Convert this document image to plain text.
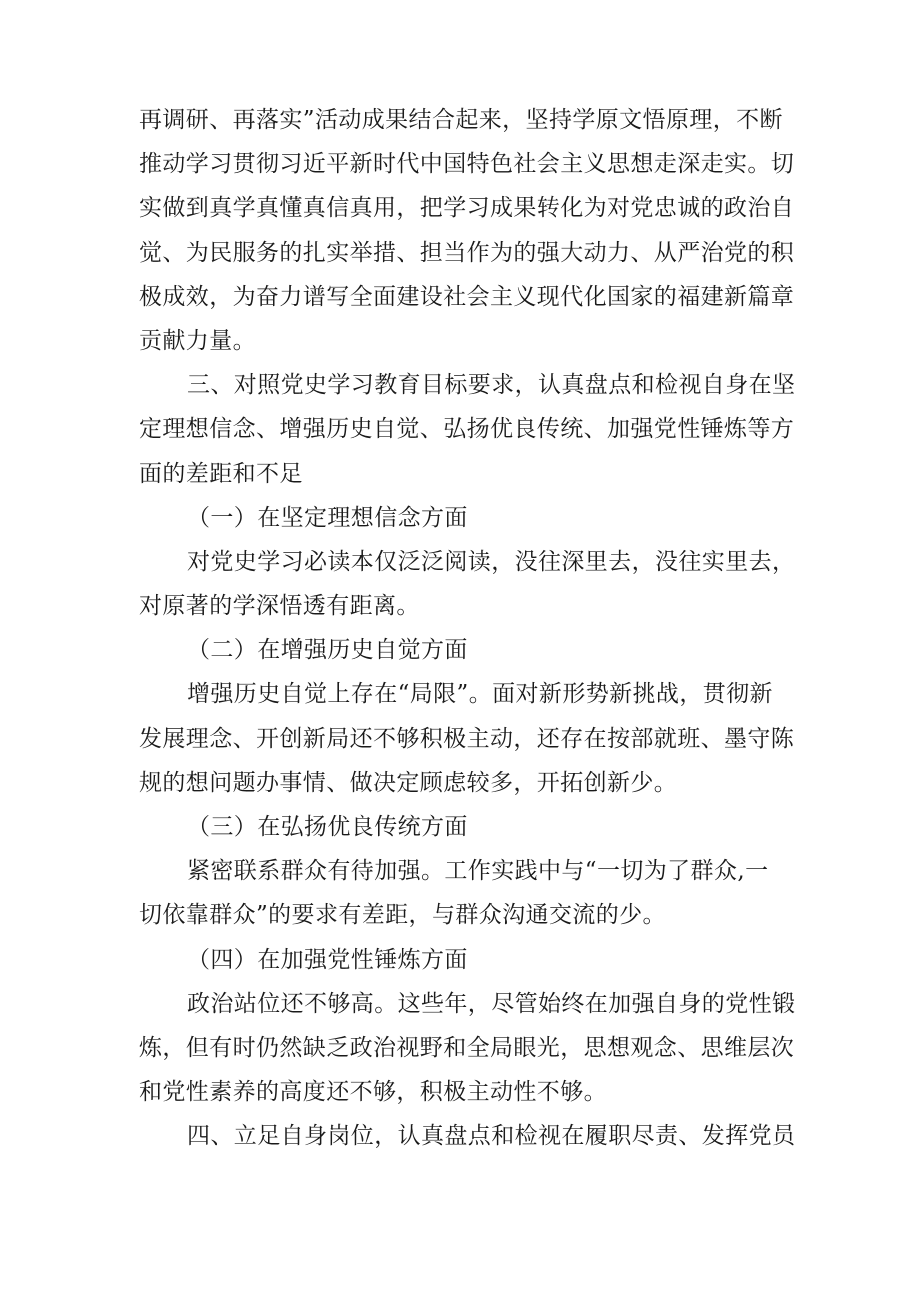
再调研、再落实”活动成果结合起来，坚持学原文悟原理，不断
推动学习贯彻习近平新时代中国特色社会主义思想走深走实。切
实做到真学真懂真信真用，把学习成果转化为对党忠诚的政治自
觉、为民服务的扎实举措、担当作为的强大动力、从严治党的积
极成效，为奋力谱写全面建设社会主义现代化国家的福建新篇章
贡献力量。
三、对照党史学习教育目标要求，认真盘点和检视自身在坚
定理想信念、增强历史自觉、弘扬优良传统、加强党性锤炼等方
面的差距和不足
（一）在坚定理想信念方面
对党史学习必读本仅泛泛阅读，没往深里去，没往实里去，
对原著的学深悟透有距离。
（二）在增强历史自觉方面
增强历史自觉上存在“局限”。面对新形势新挑战，贯彻新
发展理念、开创新局还不够积极主动，还存在按部就班、墨守陈
规的想问题办事情、做决定顾虑较多，开拓创新少。
（三）在弘扬优良传统方面
紧密联系群众有待加强。工作实践中与“一切为了群众,一
切依靠群众”的要求有差距，与群众沟通交流的少。
（四）在加强党性锤炼方面
政治站位还不够高。这些年，尽管始终在加强自身的党性锻
炼，但有时仍然缺乏政治视野和全局眼光，思想观念、思维层次
和党性素养的高度还不够，积极主动性不够。
四、立足自身岗位，认真盘点和检视在履职尽责、发挥党员
